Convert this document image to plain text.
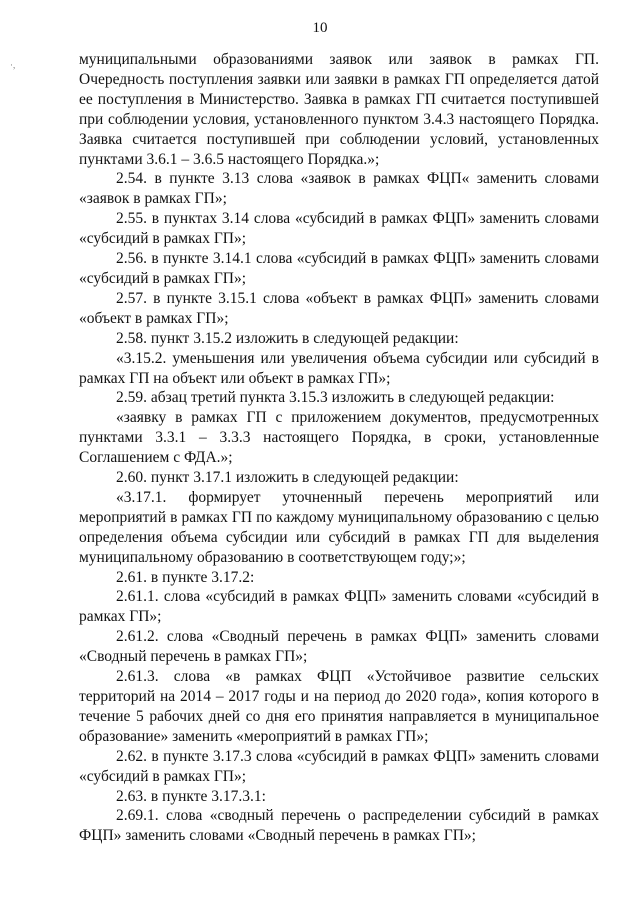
10
·,	муниципальными образованиями заявок или заявок в рамках ГП. Очередность поступления заявки или заявки в рамках ГП определяется датой ее поступления в Министерство. Заявка в рамках ГП считается поступившей при соблюдении условия, установленного пунктом 3.4.3 настоящего Порядка. Заявка считается поступившей при соблюдении условий, установленных пунктами 3.6.1 – 3.6.5 настоящего Порядка.»;

2.54. в пункте 3.13 слова «заявок в рамках ФЦП« заменить словами «заявок в рамках ГП»;

2.55. в пунктах 3.14 слова «субсидий в рамках ФЦП» заменить словами «субсидий в рамках ГП»;

2.56. в пункте 3.14.1 слова «субсидий в рамках ФЦП» заменить словами «субсидий в рамках ГП»;

2.57. в пункте 3.15.1 слова «объект в рамках ФЦП» заменить словами «объект в рамках ГП»;

2.58. пункт 3.15.2 изложить в следующей редакции:

«3.15.2. уменьшения или увеличения объема субсидии или субсидий в рамках ГП на объект или объект в рамках ГП»;

2.59. абзац третий пункта 3.15.3 изложить в следующей редакции:

«заявку в рамках ГП с приложением документов, предусмотренных пунктами 3.3.1 – 3.3.3 настоящего Порядка, в сроки, установленные Соглашением с ФДА.»;

2.60. пункт 3.17.1 изложить в следующей редакции:

«3.17.1. формирует уточненный перечень мероприятий или мероприятий в рамках ГП по каждому муниципальному образованию с целью определения объема субсидии или субсидий в рамках ГП для выделения муниципальному образованию в соответствующем году;»;

2.61. в пункте 3.17.2:

2.61.1. слова «субсидий в рамках ФЦП» заменить словами «субсидий в рамках ГП»;

2.61.2. слова «Сводный перечень в рамках ФЦП» заменить словами «Сводный перечень в рамках ГП»;

2.61.3. слова «в рамках ФЦП «Устойчивое развитие сельских территорий на 2014 – 2017 годы и на период до 2020 года», копия которого в течение 5 рабочих дней со дня его принятия направляется в муниципальное образование» заменить «мероприятий в рамках ГП»;

2.62. в пункте 3.17.3 слова «субсидий в рамках ФЦП» заменить словами «субсидий в рамках ГП»;

2.63. в пункте 3.17.3.1:

2.69.1. слова «сводный перечень о распределении субсидий в рамках ФЦП» заменить словами «Сводный перечень в рамках ГП»;
